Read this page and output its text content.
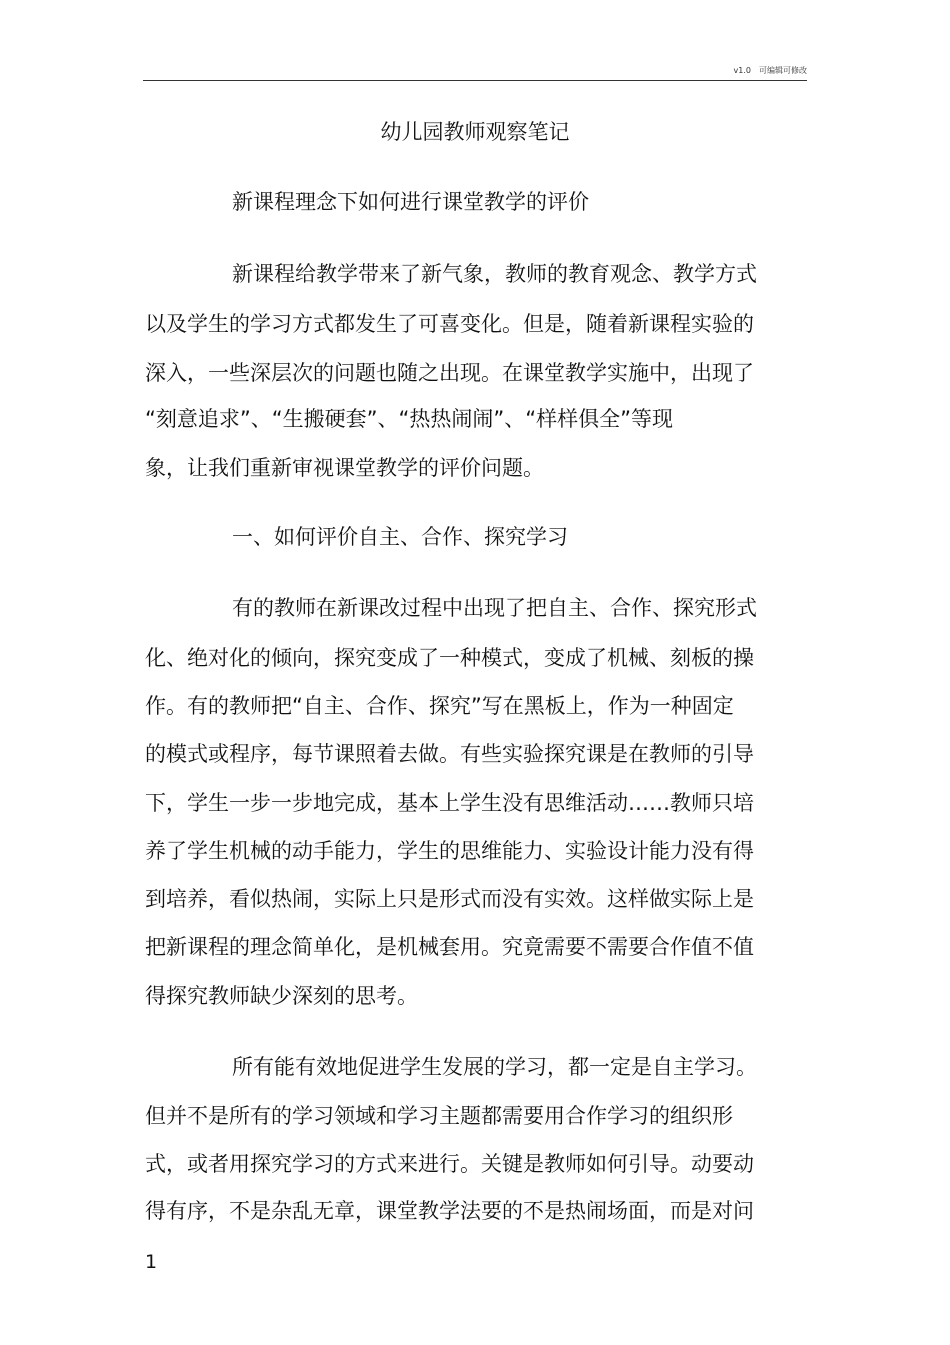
v1.0 可编辑可修改
幼儿园教师观察笔记
新课程理念下如何进行课堂教学的评价
新课程给教学带来了新气象，教师的教育观念、教学方式
以及学生的学习方式都发生了可喜变化。但是，随着新课程实验的
深入，一些深层次的问题也随之出现。在课堂教学实施中，出现了
“刻意追求”、“生搬硬套”、“热热闹闹”、“样样俱全”等现
象，让我们重新审视课堂教学的评价问题。
一、如何评价自主、合作、探究学习
有的教师在新课改过程中出现了把自主、合作、探究形式
化、绝对化的倾向，探究变成了一种模式，变成了机械、刻板的操
作。有的教师把“自主、合作、探究”写在黑板上，作为一种固定
的模式或程序，每节课照着去做。有些实验探究课是在教师的引导
下，学生一步一步地完成，基本上学生没有思维活动……教师只培
养了学生机械的动手能力，学生的思维能力、实验设计能力没有得
到培养，看似热闹，实际上只是形式而没有实效。这样做实际上是
把新课程的理念简单化，是机械套用。究竟需要不需要合作值不值
得探究教师缺少深刻的思考。
所有能有效地促进学生发展的学习，都一定是自主学习。
但并不是所有的学习领域和学习主题都需要用合作学习的组织形
式，或者用探究学习的方式来进行。关键是教师如何引导。动要动
得有序，不是杂乱无章，课堂教学法要的不是热闹场面，而是对问
1
